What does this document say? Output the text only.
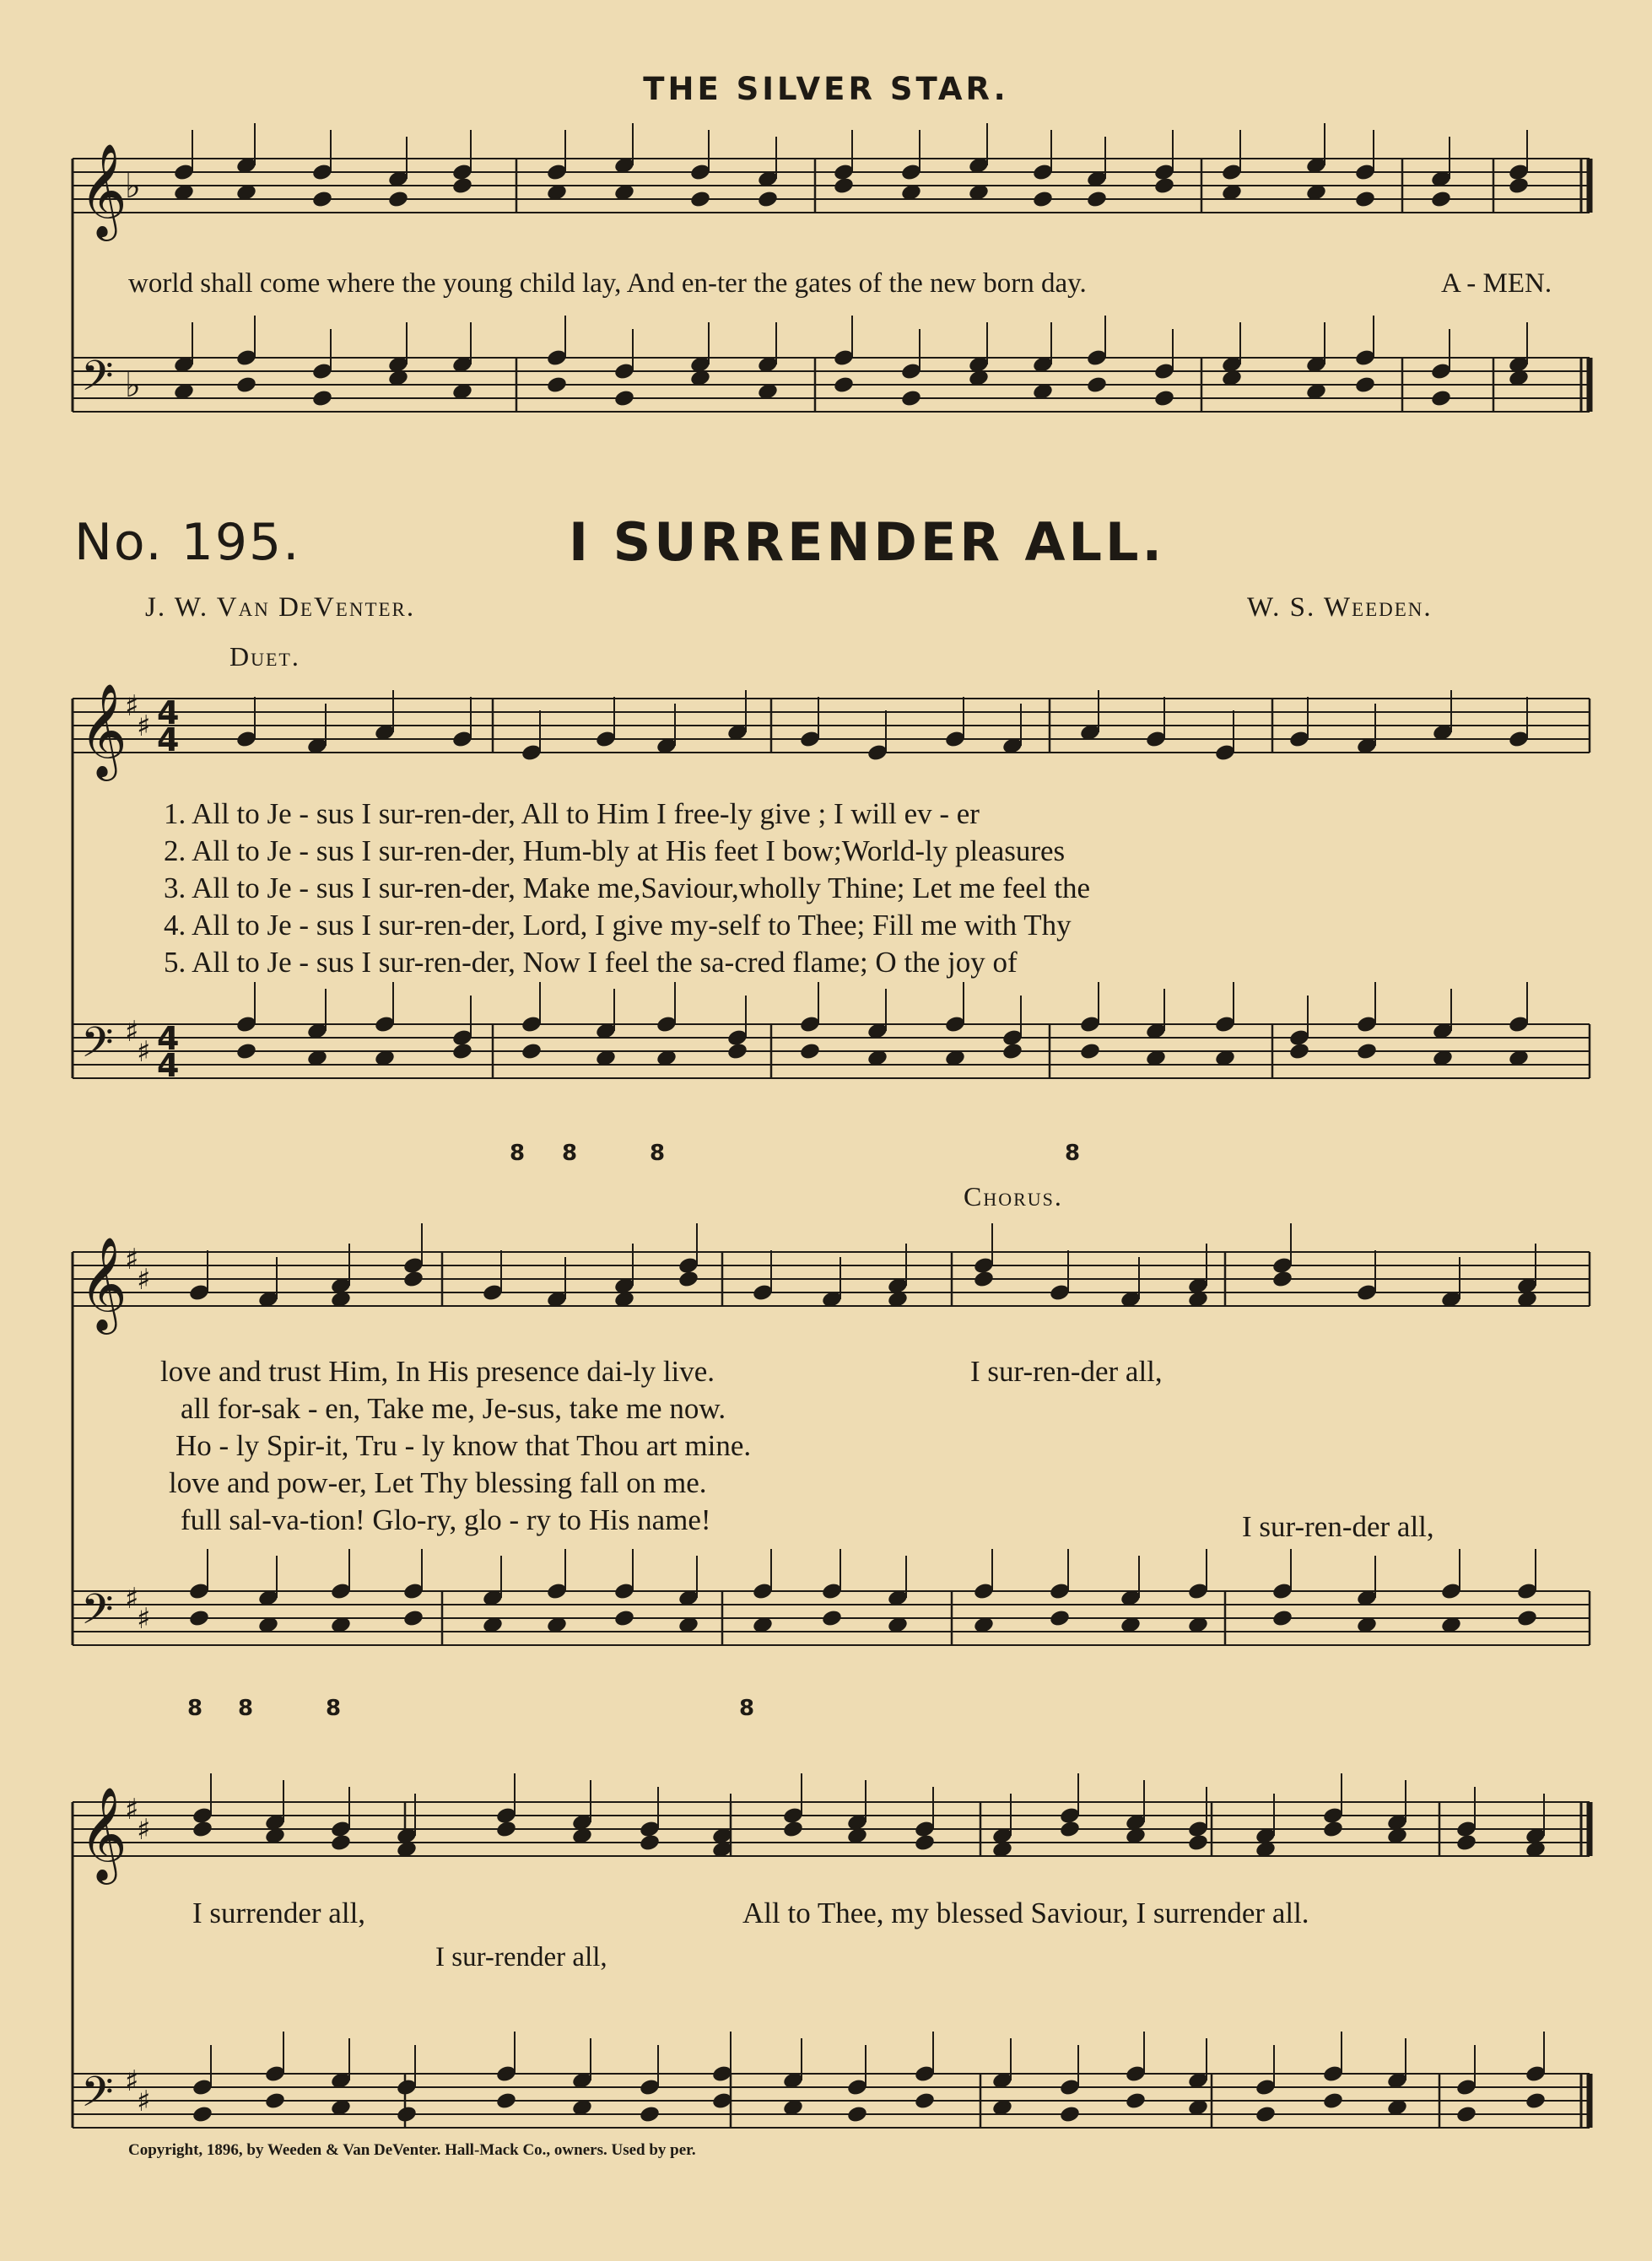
𝄞
𝄢
♭
♭
𝄞
𝄢
♯
♯
♯
♯
4
4
4
4
𝄞
𝄢
♯
♯
♯
♯
𝄞
𝄢
♯
♯
♯
♯
THE SILVER STAR.
world shall come where the young child lay, And en-ter the gates of the new born day.	A - MEN.
No. 195.	I SURRENDER ALL.
J. W. Van DeVenter.	W. S. Weeden.
Duet.
1. All to Je - sus I sur-ren-der, All to Him I free-ly give ; I will ev - er
2. All to Je - sus I sur-ren-der, Hum-bly at His feet I bow;World-ly pleasures
3. All to Je - sus I sur-ren-der, Make me,Saviour,wholly Thine; Let me feel the
4. All to Je - sus I sur-ren-der, Lord, I give my-self to Thee; Fill me with Thy
5. All to Je - sus I sur-ren-der, Now I feel the sa-cred flame; O the joy of
8 8	8	8
Chorus.
love and trust Him, In His presence dai-ly live.	I sur-ren-der all,
all for-sak - en, Take me, Je-sus, take me now.
Ho - ly Spir-it, Tru - ly know that Thou art mine.
love and pow-er, Let Thy blessing fall on me.
full sal-va-tion! Glo-ry, glo - ry to His name!	I sur-ren-der all,
8 8	8	8
I surrender all,	All to Thee, my blessed Saviour, I surrender all.
I sur-render all,
Copyright, 1896, by Weeden & Van DeVenter. Hall-Mack Co., owners. Used by per.
